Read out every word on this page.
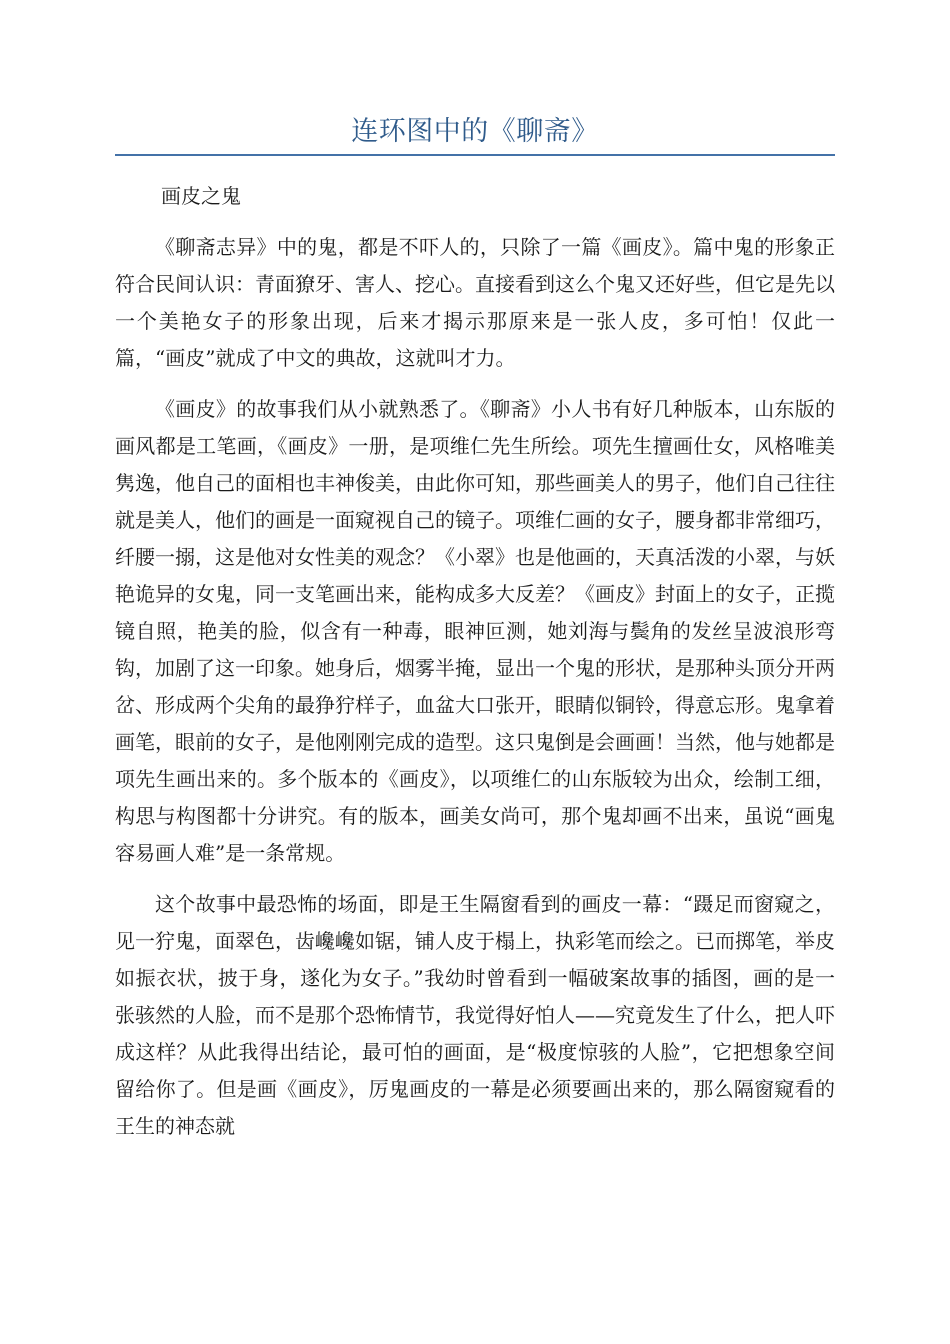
连环图中的《聊斋》
画皮之鬼

《聊斋志异》中的鬼，都是不吓人的，只除了一篇《画皮》。篇中鬼的形象正符合民间认识：青面獠牙、害人、挖心。直接看到这么个鬼又还好些，但它是先以一个美艳女子的形象出现，后来才揭示那原来是一张人皮，多可怕！仅此一篇，“画皮”就成了中文的典故，这就叫才力。

《画皮》的故事我们从小就熟悉了。《聊斋》小人书有好几种版本，山东版的画风都是工笔画，《画皮》一册，是项维仁先生所绘。项先生擅画仕女，风格唯美隽逸，他自己的面相也丰神俊美，由此你可知，那些画美人的男子，他们自己往往就是美人，他们的画是一面窥视自己的镜子。项维仁画的女子，腰身都非常细巧，纤腰一搦，这是他对女性美的观念？《小翠》也是他画的，天真活泼的小翠，与妖艳诡异的女鬼，同一支笔画出来，能构成多大反差？《画皮》封面上的女子，正揽镜自照，艳美的脸，似含有一种毒，眼神叵测，她刘海与鬓角的发丝呈波浪形弯钩，加剧了这一印象。她身后，烟雾半掩，显出一个鬼的形状，是那种头顶分开两岔、形成两个尖角的最狰狞样子，血盆大口张开，眼睛似铜铃，得意忘形。鬼拿着画笔，眼前的女子，是他刚刚完成的造型。这只鬼倒是会画画！当然，他与她都是项先生画出来的。多个版本的《画皮》，以项维仁的山东版较为出众，绘制工细，构思与构图都十分讲究。有的版本，画美女尚可，那个鬼却画不出来，虽说“画鬼容易画人难”是一条常规。

这个故事中最恐怖的场面，即是王生隔窗看到的画皮一幕：“蹑足而窗窥之，见一狞鬼，面翠色，齿巉巉如锯，铺人皮于榻上，执彩笔而绘之。已而掷笔，举皮如振衣状，披于身，遂化为女子。”我幼时曾看到一幅破案故事的插图，画的是一张骇然的人脸，而不是那个恐怖情节，我觉得好怕人——究竟发生了什么，把人吓成这样？从此我得出结论，最可怕的画面，是“极度惊骇的人脸”，它把想象空间留给你了。但是画《画皮》，厉鬼画皮的一幕是必须要画出来的，那么隔窗窥看的王生的神态就
